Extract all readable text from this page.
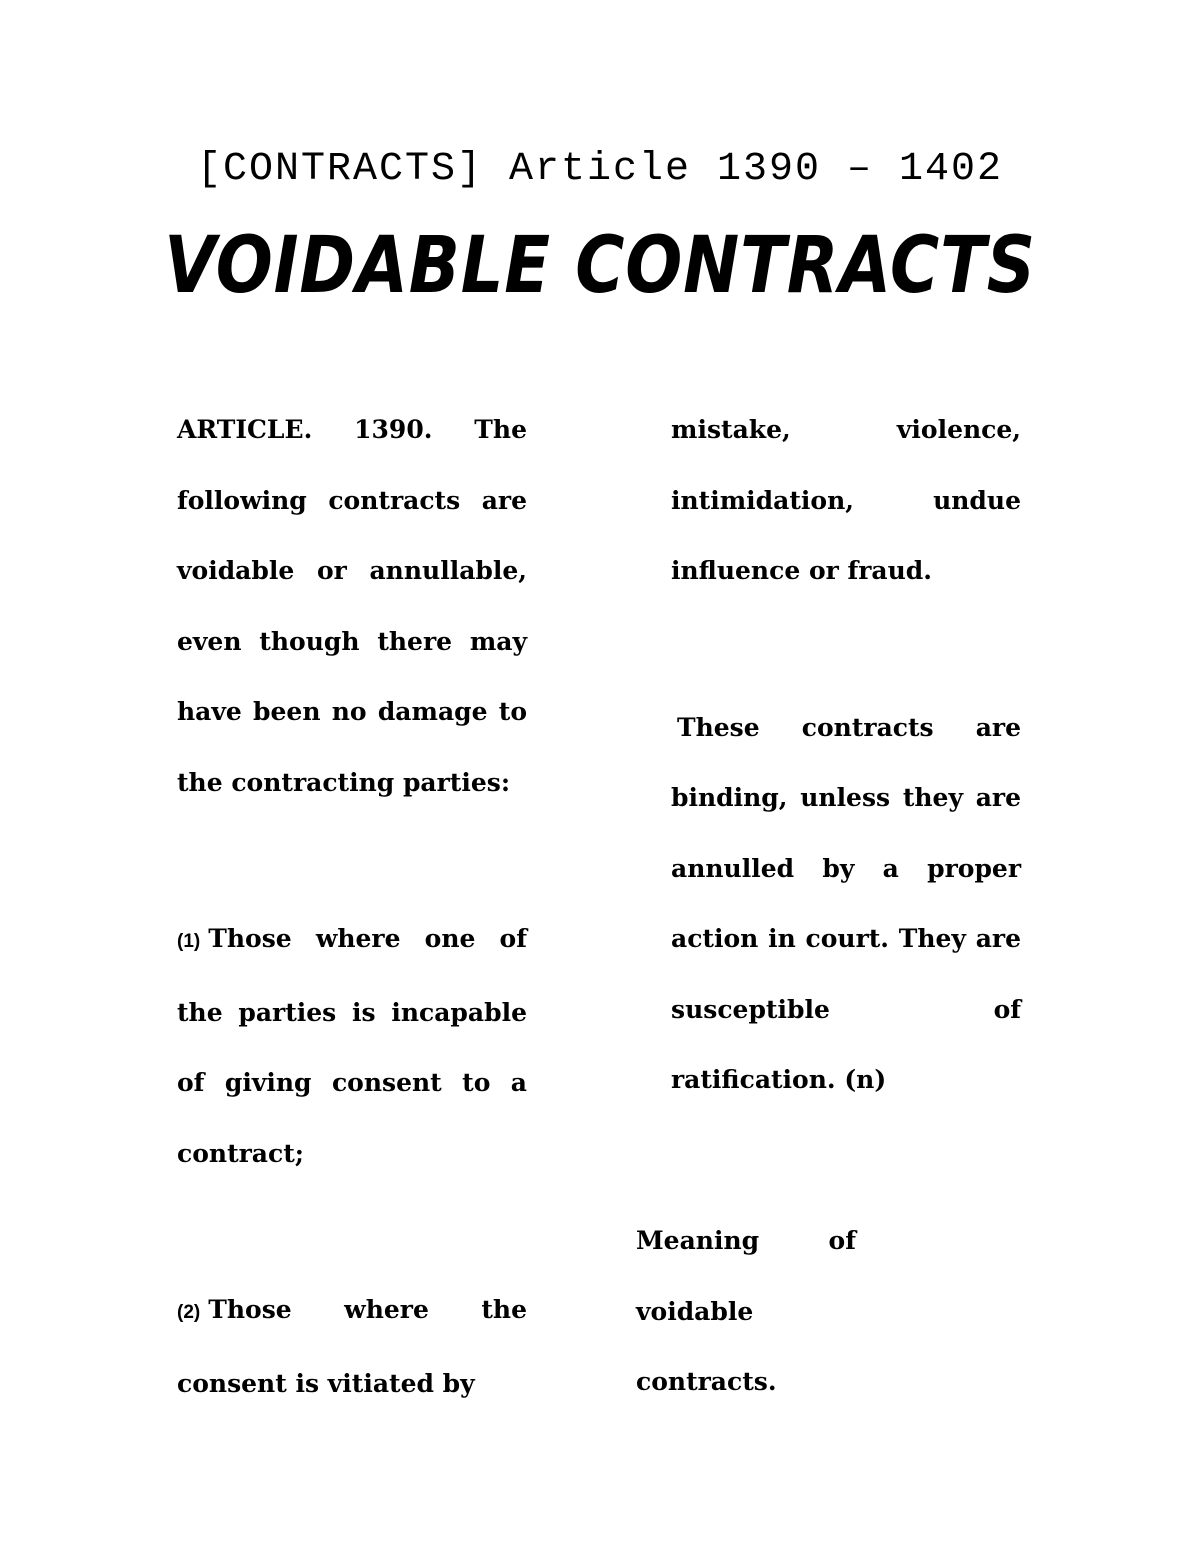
[CONTRACTS] Article 1390 – 1402
VOIDABLE CONTRACTS

ARTICLE. 1390. The following contracts are voidable or annullable, even though there may have been no damage to the contracting parties:

(1) Those where one of the parties is incapable of giving consent to a contract;

(2) Those where the consent is vitiated by

mistake, violence, intimidation, undue influence or fraud.

These contracts are binding, unless they are annulled by a proper action in court. They are susceptible of ratification. (n)

Meaning of voidable contracts.
